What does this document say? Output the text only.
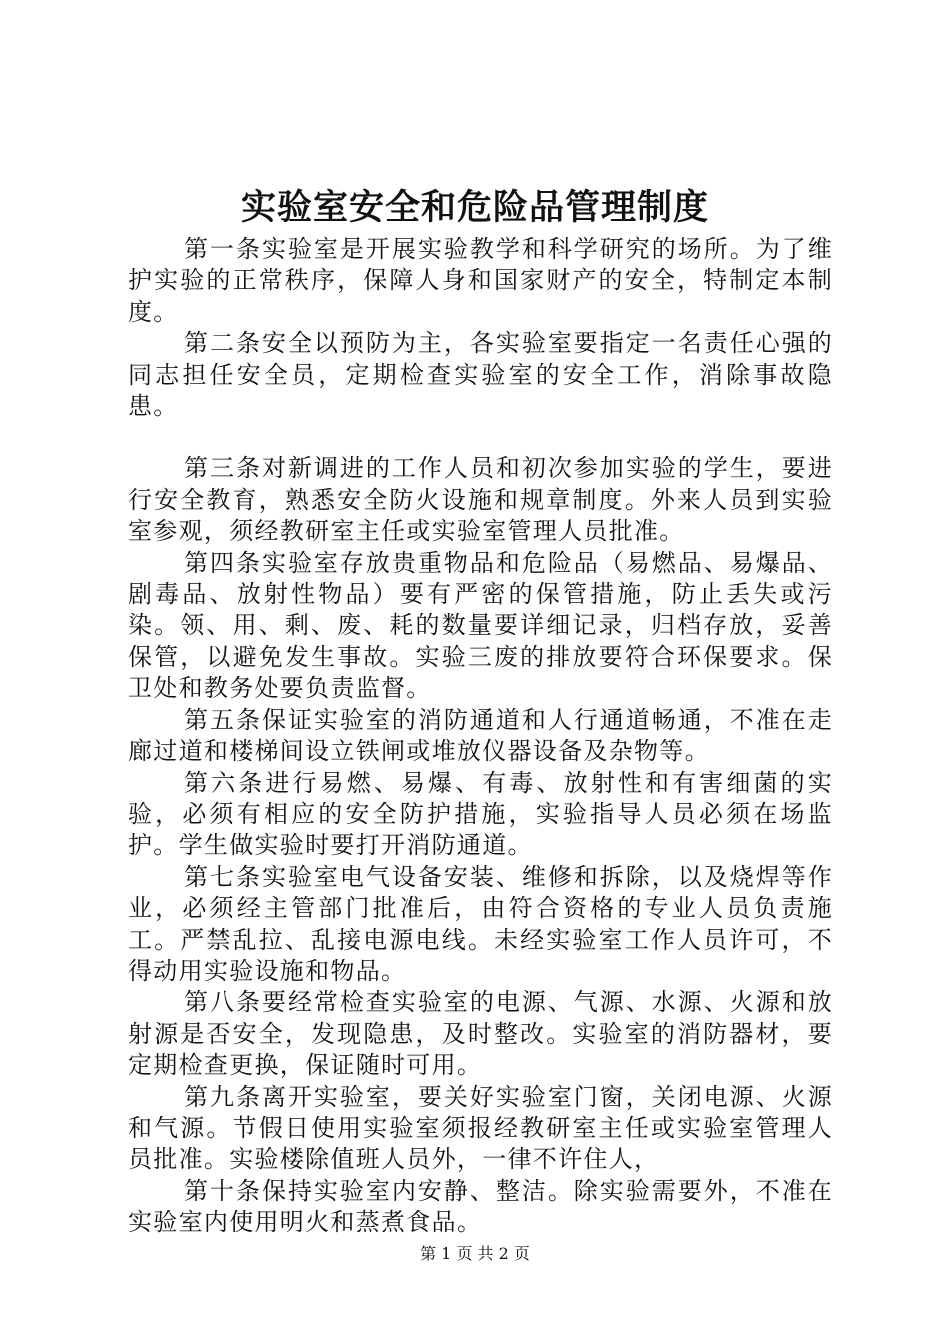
实验室安全和危险品管理制度

第一条实验室是开展实验教学和科学研究的场所。为了维护实验的正常秩序，保障人身和国家财产的安全，特制定本制度。

第二条安全以预防为主，各实验室要指定一名责任心强的同志担任安全员，定期检查实验室的安全工作，消除事故隐患。

第三条对新调进的工作人员和初次参加实验的学生，要进行安全教育，熟悉安全防火设施和规章制度。外来人员到实验室参观，须经教研室主任或实验室管理人员批准。

第四条实验室存放贵重物品和危险品（易燃品、易爆品、剧毒品、放射性物品）要有严密的保管措施，防止丢失或污染。领、用、剩、废、耗的数量要详细记录，归档存放，妥善保管，以避免发生事故。实验三废的排放要符合环保要求。保卫处和教务处要负责监督。

第五条保证实验室的消防通道和人行通道畅通，不准在走廊过道和楼梯间设立铁闸或堆放仪器设备及杂物等。

第六条进行易燃、易爆、有毒、放射性和有害细菌的实验，必须有相应的安全防护措施，实验指导人员必须在场监护。学生做实验时要打开消防通道。

第七条实验室电气设备安装、维修和拆除，以及烧焊等作业，必须经主管部门批准后，由符合资格的专业人员负责施工。严禁乱拉、乱接电源电线。未经实验室工作人员许可，不得动用实验设施和物品。

第八条要经常检查实验室的电源、气源、水源、火源和放射源是否安全，发现隐患，及时整改。实验室的消防器材，要定期检查更换，保证随时可用。

第九条离开实验室，要关好实验室门窗，关闭电源、火源和气源。节假日使用实验室须报经教研室主任或实验室管理人员批准。实验楼除值班人员外，一律不许住人，

第十条保持实验室内安静、整洁。除实验需要外，不准在实验室内使用明火和蒸煮食品。

第 1 页 共 2 页
